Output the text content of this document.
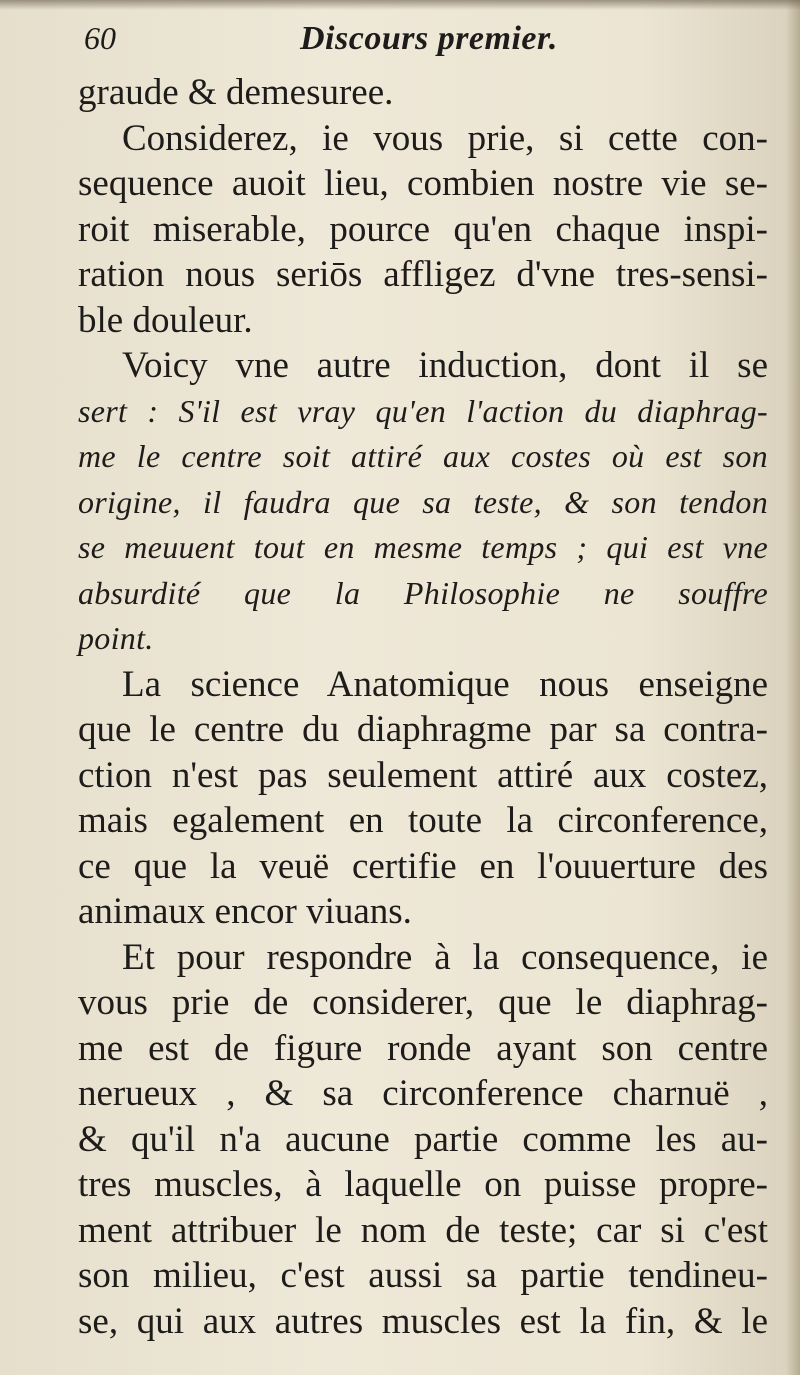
60	Discours premier.
graude & demesuree.
Considerez, ie vous prie, si cette con-
sequence auoit lieu, combien nostre vie se-
roit miserable, pource qu'en chaque inspi-
ration nous seriōs affligez d'vne tres-sensi-
ble douleur.
Voicy vne autre induction, dont il se
sert : S'il est vray qu'en l'action du diaphrag-
me le centre soit attiré aux costes où est son
origine, il faudra que sa teste, & son tendon
se meuuent tout en mesme temps ; qui est vne
absurdité que la Philosophie ne souffre
point.
La science Anatomique nous enseigne
que le centre du diaphragme par sa contra-
ction n'est pas seulement attiré aux costez,
mais egalement en toute la circonference,
ce que la veuë certifie en l'ouuerture des
animaux encor viuans.
Et pour respondre à la consequence, ie
vous prie de considerer, que le diaphrag-
me est de figure ronde ayant son centre
nerueux , & sa circonference charnuë ,
& qu'il n'a aucune partie comme les au-
tres muscles, à laquelle on puisse propre-
ment attribuer le nom de teste; car si c'est
son milieu, c'est aussi sa partie tendineu-
se, qui aux autres muscles est la fin, & le
